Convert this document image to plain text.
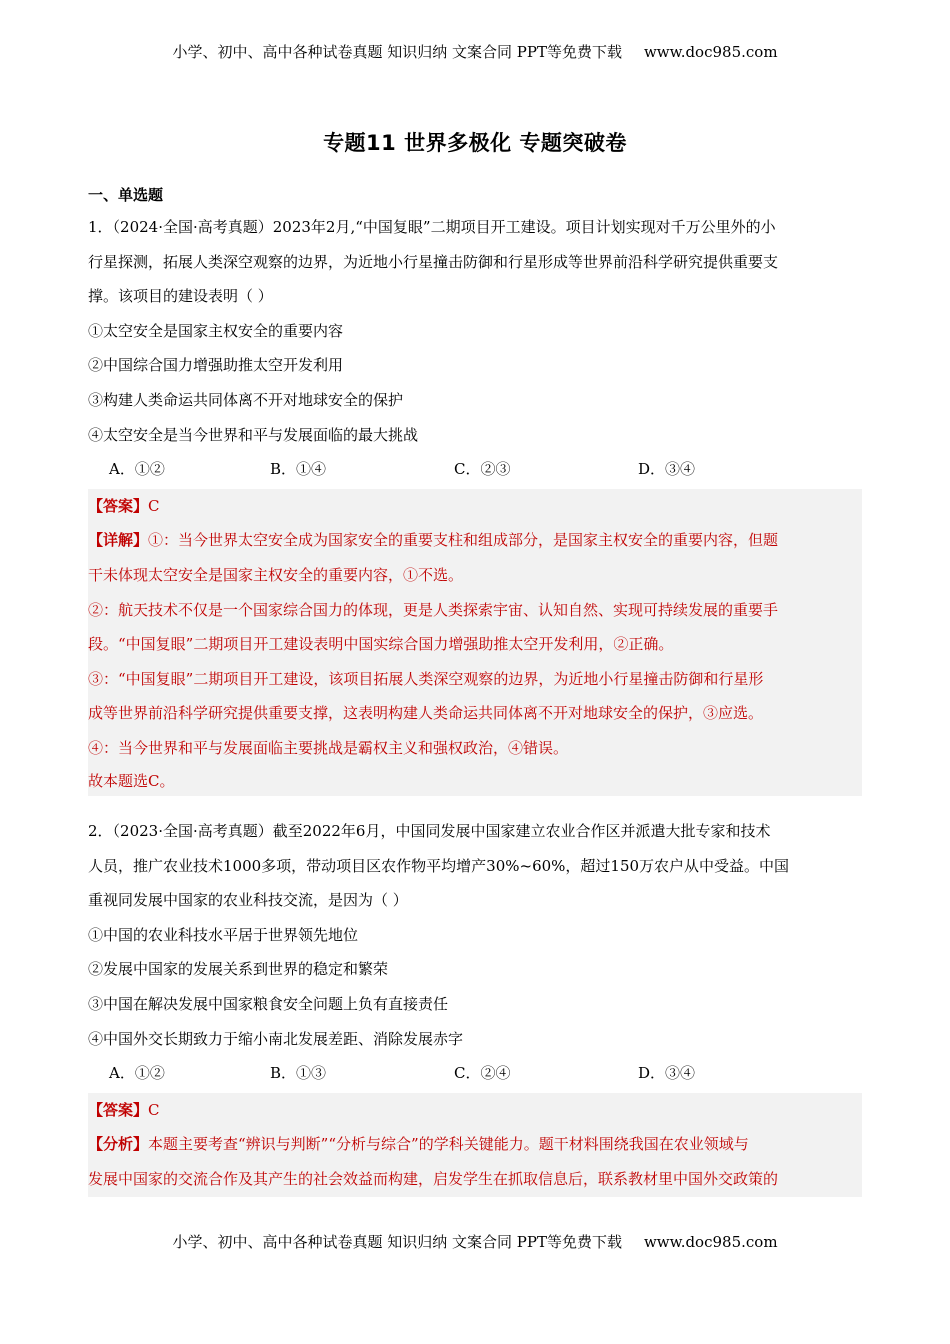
小学、初中、高中各种试卷真题 知识归纳 文案合同 PPT等免费下载 www.doc985.com
专题11 世界多极化 专题突破卷
一、单选题
1．（2024·全国·高考真题）2023年2月,“中国复眼”二期项目开工建设。项目计划实现对千万公里外的小
行星探测，拓展人类深空观察的边界，为近地小行星撞击防御和行星形成等世界前沿科学研究提供重要支
撑。该项目的建设表明（ ）
①太空安全是国家主权安全的重要内容
②中国综合国力增强助推太空开发利用
③构建人类命运共同体离不开对地球安全的保护
④太空安全是当今世界和平与发展面临的最大挑战
A．①②	B．①④	C．②③	D．③④
【答案】C
【详解】①：当今世界太空安全成为国家安全的重要支柱和组成部分，是国家主权安全的重要内容，但题
干未体现太空安全是国家主权安全的重要内容，①不选。
②：航天技术不仅是一个国家综合国力的体现，更是人类探索宇宙、认知自然、实现可持续发展的重要手
段。“中国复眼”二期项目开工建设表明中国实综合国力增强助推太空开发利用，②正确。
③：“中国复眼”二期项目开工建设，该项目拓展人类深空观察的边界，为近地小行星撞击防御和行星形
成等世界前沿科学研究提供重要支撑，这表明构建人类命运共同体离不开对地球安全的保护，③应选。
④：当今世界和平与发展面临主要挑战是霸权主义和强权政治，④错误。
故本题选C。
2．（2023·全国·高考真题）截至2022年6月，中国同发展中国家建立农业合作区并派遣大批专家和技术
人员，推广农业技术1000多项，带动项目区农作物平均增产30%~60%，超过150万农户从中受益。中国
重视同发展中国家的农业科技交流，是因为（ ）
①中国的农业科技水平居于世界领先地位
②发展中国家的发展关系到世界的稳定和繁荣
③中国在解决发展中国家粮食安全问题上负有直接责任
④中国外交长期致力于缩小南北发展差距、消除发展赤字
A．①②	B．①③	C．②④	D．③④
【答案】C
【分析】本题主要考查“辨识与判断”“分析与综合”的学科关键能力。题干材料围绕我国在农业领域与
发展中国家的交流合作及其产生的社会效益而构建，启发学生在抓取信息后，联系教材里中国外交政策的
小学、初中、高中各种试卷真题 知识归纳 文案合同 PPT等免费下载 www.doc985.com
